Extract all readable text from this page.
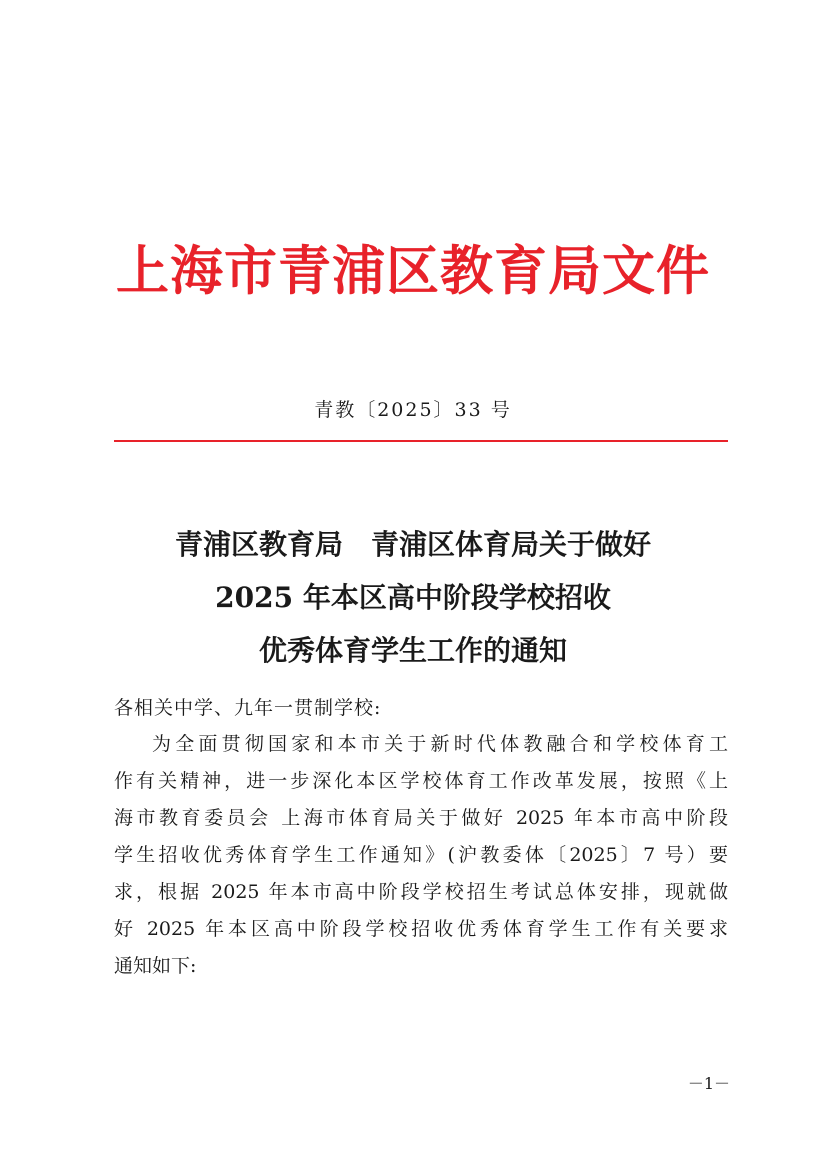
上海市青浦区教育局文件
青教〔2025〕33 号
青浦区教育局　青浦区体育局关于做好
2025 年本区高中阶段学校招收
优秀体育学生工作的通知
各相关中学、九年一贯制学校:
为全面贯彻国家和本市关于新时代体教融合和学校体育工
作有关精神，进一步深化本区学校体育工作改革发展，按照《上
海市教育委员会 上海市体育局关于做好 2025 年本市高中阶段
学生招收优秀体育学生工作通知》(沪教委体〔2025〕7 号）要
求，根据 2025 年本市高中阶段学校招生考试总体安排，现就做
好 2025 年本区高中阶段学校招收优秀体育学生工作有关要求
通知如下:
－1－
